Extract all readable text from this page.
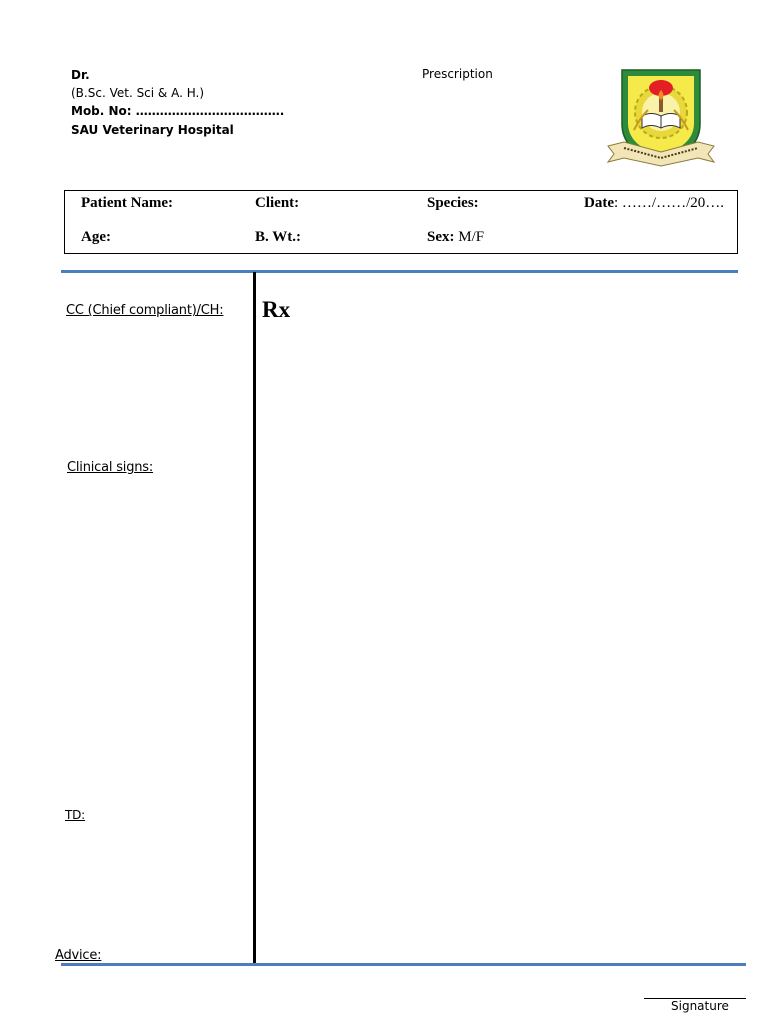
Dr.
(B.Sc. Vet. Sci & A. H.)
Mob. No: ……………………………….
SAU Veterinary Hospital
Prescription
Patient Name:	Client:	Species:	Date: ……/……/20….
Age:	B. Wt.:	Sex: M/F
CC (Chief compliant)/CH:
Clinical signs:
TD:
Advice:
Rx
Signature
